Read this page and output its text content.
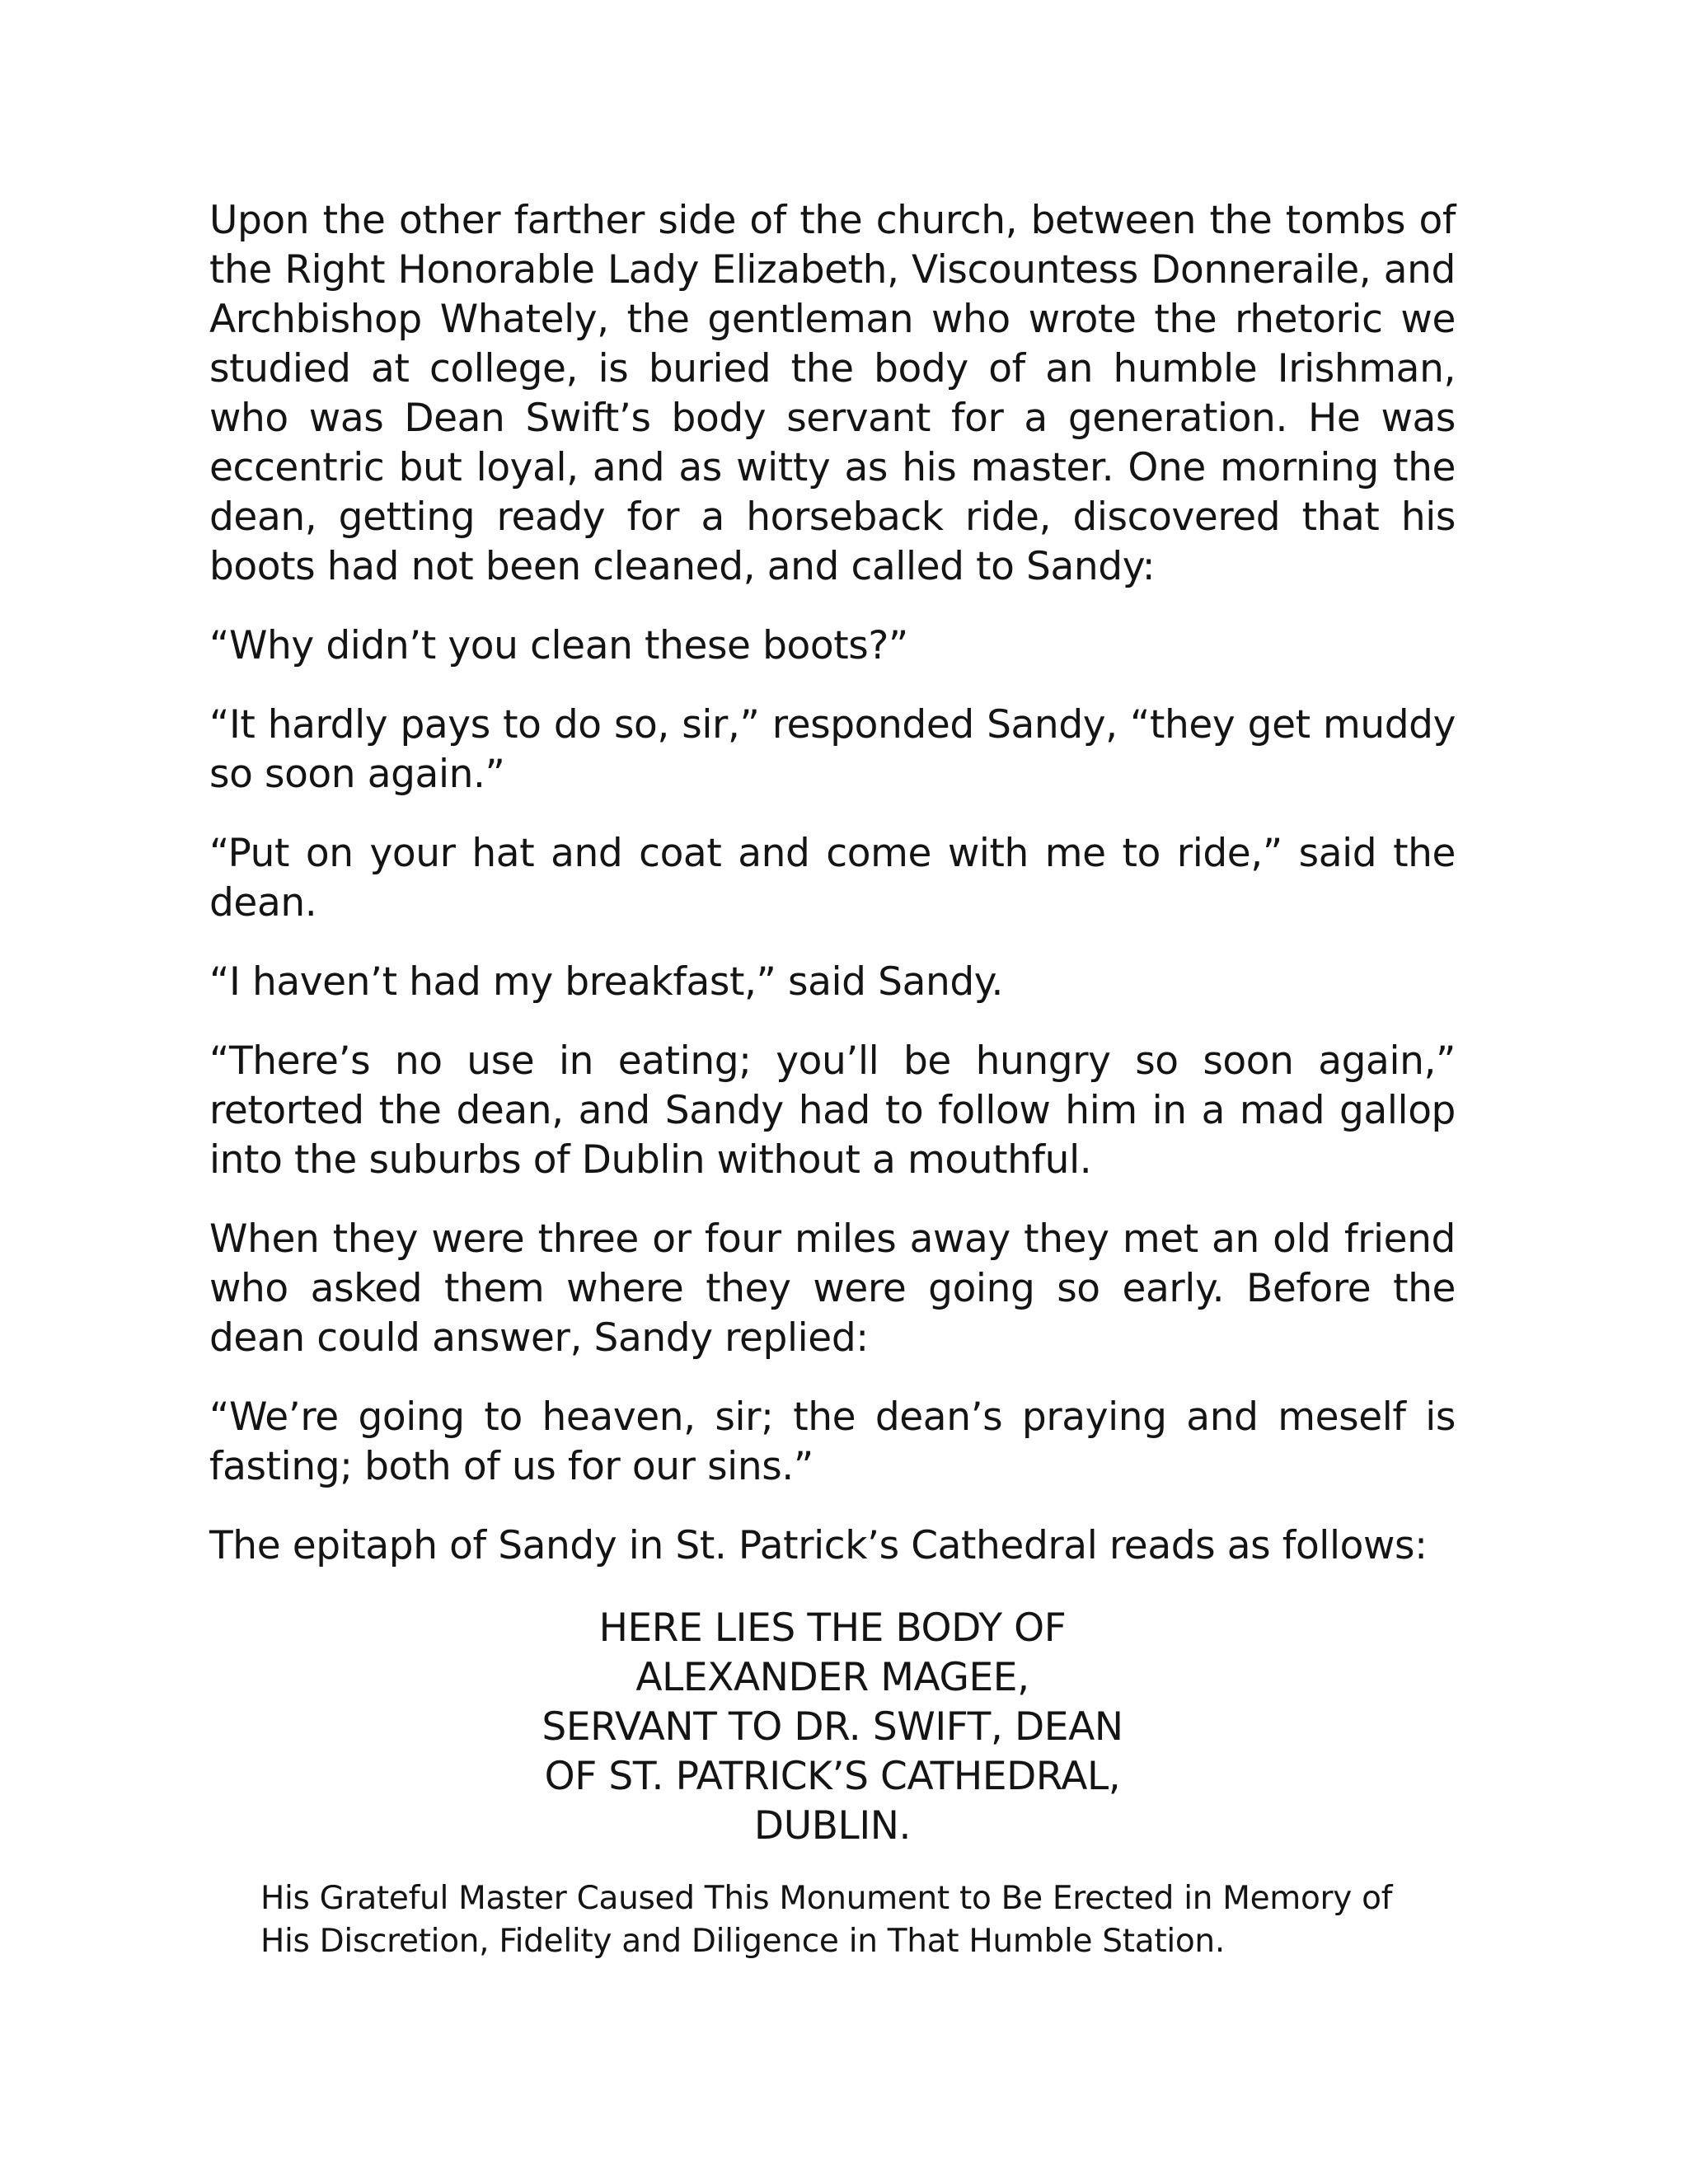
Upon the other farther side of the church, between the tombs of the Right Honorable Lady Elizabeth, Viscountess Donneraile, and Archbishop Whately, the gentleman who wrote the rhetoric we studied at college, is buried the body of an humble Irishman, who was Dean Swift’s body servant for a generation. He was eccentric but loyal, and as witty as his master. One morning the dean, getting ready for a horseback ride, discovered that his boots had not been cleaned, and called to Sandy:

“Why didn’t you clean these boots?”

“It hardly pays to do so, sir,” responded Sandy, “they get muddy so soon again.”

“Put on your hat and coat and come with me to ride,” said the dean.

“I haven’t had my breakfast,” said Sandy.

“There’s no use in eating; you’ll be hungry so soon again,” retorted the dean, and Sandy had to follow him in a mad gallop into the suburbs of Dublin without a mouthful.

When they were three or four miles away they met an old friend who asked them where they were going so early. Before the dean could answer, Sandy replied:

“We’re going to heaven, sir; the dean’s praying and meself is fasting; both of us for our sins.”

The epitaph of Sandy in St. Patrick’s Cathedral reads as follows:

HERE LIES THE BODY OF
ALEXANDER MAGEE,
SERVANT TO DR. SWIFT, DEAN
OF ST. PATRICK’S CATHEDRAL,
DUBLIN.

His Grateful Master Caused This Monument to Be Erected in Memory of His Discretion, Fidelity and Diligence in That Humble Station.
